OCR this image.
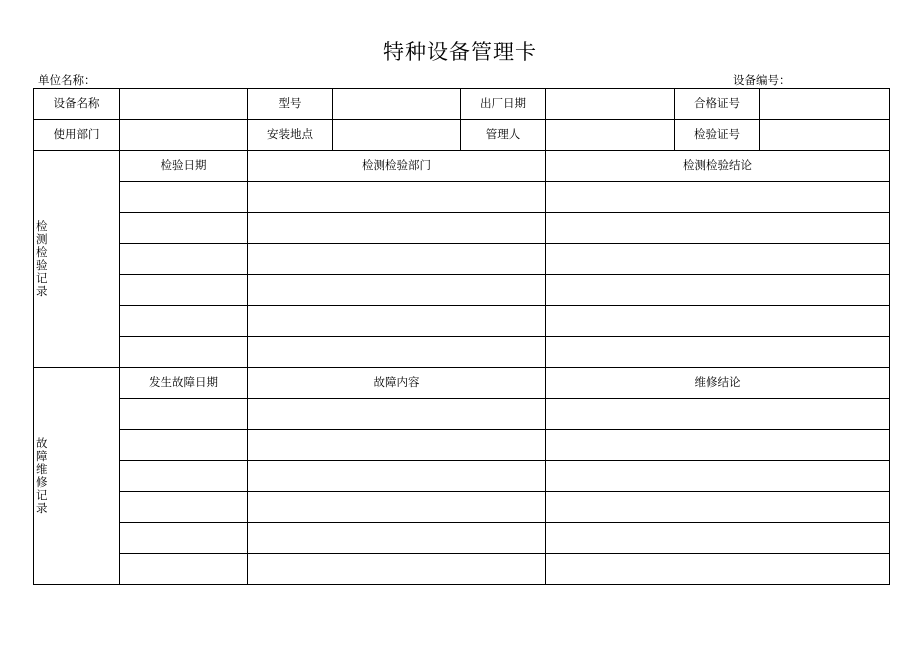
特种设备管理卡
单位名称：	设备编号：
设备名称		型号		出厂日期		合格证号	
使用部门		安装地点		管理人		检验证号	
检测检验记录	检验日期	检测检验部门			检测检验结论		

故障维修记录	发生故障日期	故障内容			维修结论		
